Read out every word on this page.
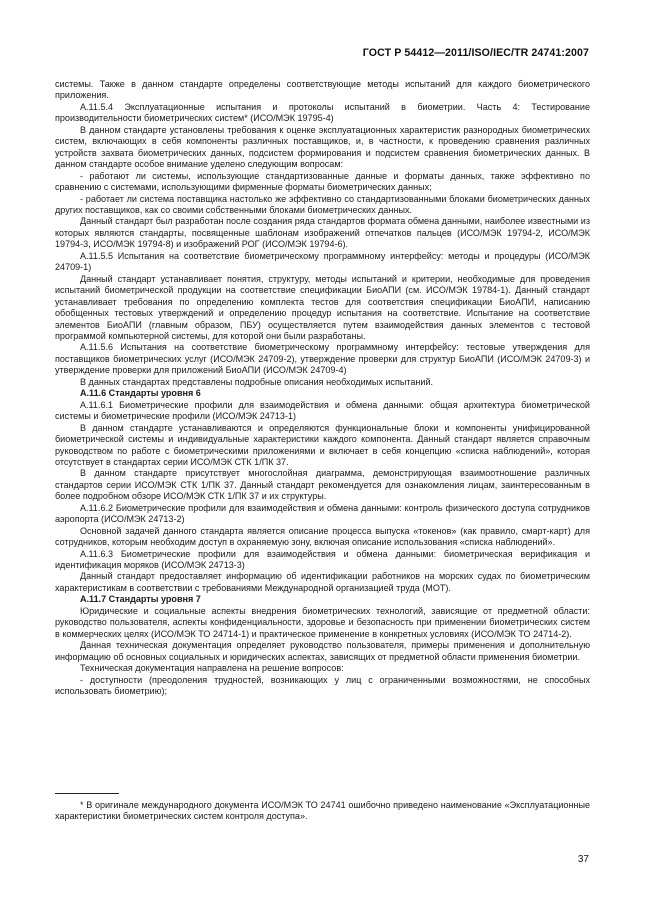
ГОСТ Р 54412—2011/ISO/IEC/TR 24741:2007

системы. Также в данном стандарте определены соответствующие методы испытаний для каждого биометрического приложения.

А.11.5.4 Эксплуатационные испытания и протоколы испытаний в биометрии. Часть 4: Тестирование производительности биометрических систем* (ИСО/МЭК 19795-4)

В данном стандарте установлены требования к оценке эксплуатационных характеристик разнородных биометрических систем, включающих в себя компоненты различных поставщиков, и, в частности, к проведению сравнения различных устройств захвата биометрических данных, подсистем формирования и подсистем сравнения биометрических данных. В данном стандарте особое внимание уделено следующим вопросам:

- работают ли системы, использующие стандартизованные данные и форматы данных, также эффективно по сравнению с системами, использующими фирменные форматы биометрических данных;

- работает ли система поставщика настолько же эффективно со стандартизованными блоками биометрических данных других поставщиков, как со своими собственными блоками биометрических данных.

Данный стандарт был разработан после создания ряда стандартов формата обмена данными, наиболее известными из которых являются стандарты, посвященные шаблонам изображений отпечатков пальцев (ИСО/МЭК 19794-2, ИСО/МЭК 19794-3, ИСО/МЭК 19794-8) и изображений РОГ (ИСО/МЭК 19794-6).

А.11.5.5 Испытания на соответствие биометрическому программному интерфейсу: методы и процедуры (ИСО/МЭК 24709-1)

Данный стандарт устанавливает понятия, структуру, методы испытаний и критерии, необходимые для проведения испытаний биометрической продукции на соответствие спецификации БиоАПИ (см. ИСО/МЭК 19784-1). Данный стандарт устанавливает требования по определению комплекта тестов для соответствия спецификации БиоАПИ, написанию обобщенных тестовых утверждений и определению процедур испытания на соответствие. Испытание на соответствие элементов БиоАПИ (главным образом, ПБУ) осуществляется путем взаимодействия данных элементов с тестовой программой компьютерной системы, для которой они были разработаны.

А.11.5.6 Испытания на соответствие биометрическому программному интерфейсу: тестовые утверждения для поставщиков биометрических услуг (ИСО/МЭК 24709-2), утверждение проверки для структур БиоАПИ (ИСО/МЭК 24709-3) и утверждение проверки для приложений БиоАПИ (ИСО/МЭК 24709-4)

В данных стандартах представлены подробные описания необходимых испытаний.

А.11.6 Стандарты уровня 6

А.11.6.1 Биометрические профили для взаимодействия и обмена данными: общая архитектура биометрической системы и биометрические профили (ИСО/МЭК 24713-1)

В данном стандарте устанавливаются и определяются функциональные блоки и компоненты унифицированной биометрической системы и индивидуальные характеристики каждого компонента. Данный стандарт является справочным руководством по работе с биометрическими приложениями и включает в себя концепцию «списка наблюдений», которая отсутствует в стандартах серии ИСО/МЭК СТК 1/ПК 37.

В данном стандарте присутствует многослойная диаграмма, демонстрирующая взаимоотношение различных стандартов серии ИСО/МЭК СТК 1/ПК 37. Данный стандарт рекомендуется для ознакомления лицам, заинтересованным в более подробном обзоре ИСО/МЭК СТК 1/ПК 37 и их структуры.

А.11.6.2 Биометрические профили для взаимодействия и обмена данными: контроль физического доступа сотрудников аэропорта (ИСО/МЭК 24713-2)

Основной задачей данного стандарта является описание процесса выпуска «токенов» (как правило, смарт-карт) для сотрудников, которым необходим доступ в охраняемую зону, включая описание использования «списка наблюдений».

А.11.6.3 Биометрические профили для взаимодействия и обмена данными: биометрическая верификация и идентификация моряков (ИСО/МЭК 24713-3)

Данный стандарт предоставляет информацию об идентификации работников на морских судах по биометрическим характеристикам в соответствии с требованиями Международной организацией труда (МОТ).

А.11.7 Стандарты уровня 7

Юридические и социальные аспекты внедрения биометрических технологий, зависящие от предметной области: руководство пользователя, аспекты конфиденциальности, здоровье и безопасность при применении биометрических систем в коммерческих целях (ИСО/МЭК ТО 24714-1) и практическое применение в конкретных условиях (ИСО/МЭК ТО 24714-2).

Данная техническая документация определяет руководство пользователя, примеры применения и дополнительную информацию об основных социальных и юридических аспектах, зависящих от предметной области применения биометрии.

Техническая документация направлена на решение вопросов:

- доступности (преодоления трудностей, возникающих у лиц с ограниченными возможностями, не способных использовать биометрию);

* В оригинале международного документа ИСО/МЭК ТО 24741 ошибочно приведено наименование «Эксплуатационные характеристики биометрических систем контроля доступа».

37
